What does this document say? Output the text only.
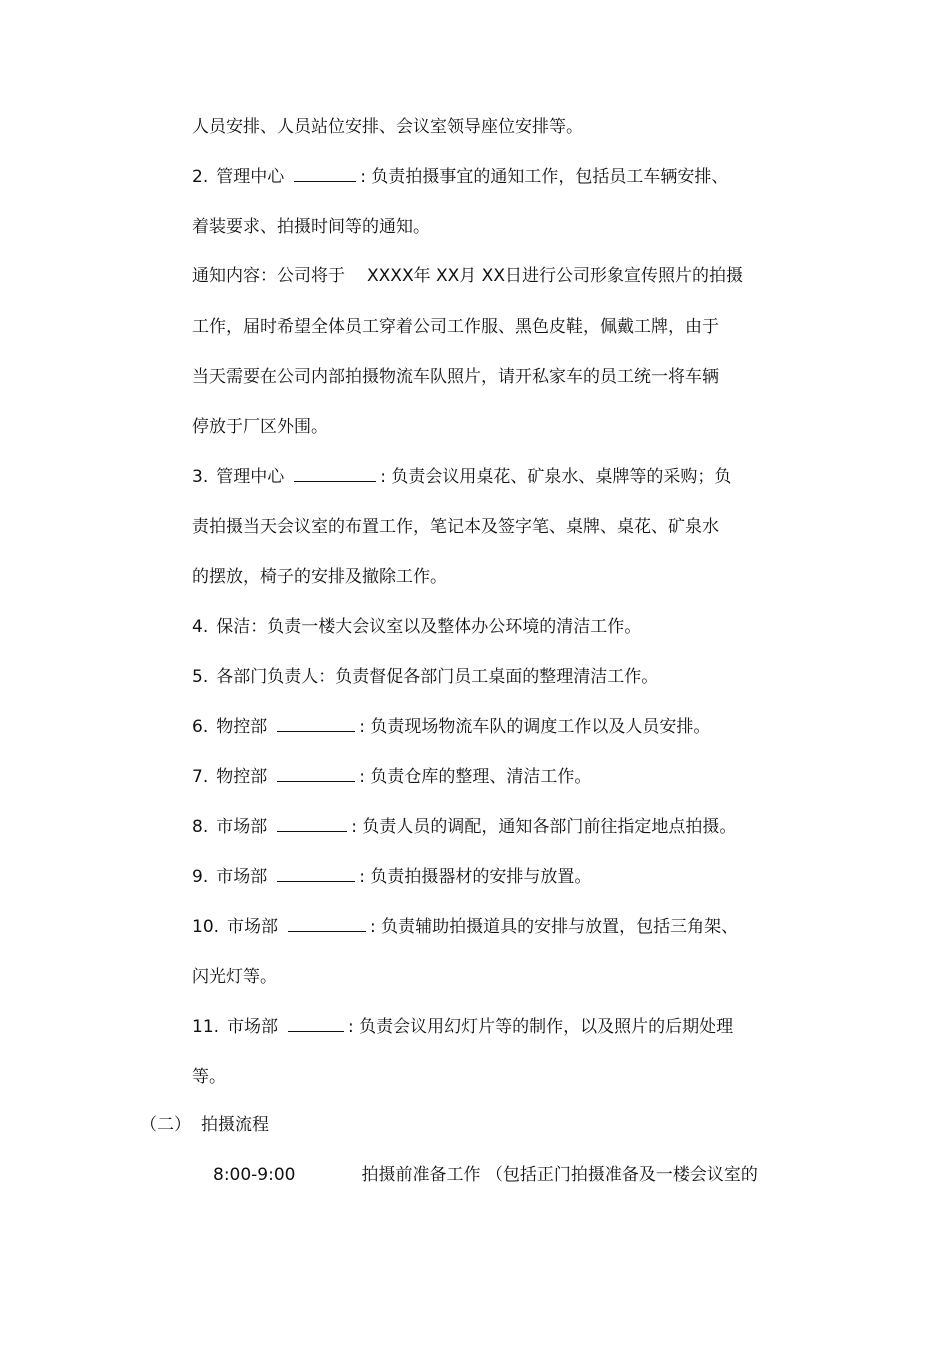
人员安排、人员站位安排、会议室领导座位安排等。
2. 管理中心	: 负责拍摄事宜的通知工作，包括员工车辆安排、
着装要求、拍摄时间等的通知。
通知内容：公司将于 XXXX年 XX月 XX日进行公司形象宣传照片的拍摄
工作，届时希望全体员工穿着公司工作服、黑色皮鞋，佩戴工牌，由于
当天需要在公司内部拍摄物流车队照片，请开私家车的员工统一将车辆
停放于厂区外围。
3. 管理中心	: 负责会议用桌花、矿泉水、桌牌等的采购；负
责拍摄当天会议室的布置工作，笔记本及签字笔、桌牌、桌花、矿泉水
的摆放，椅子的安排及撤除工作。
4. 保洁：负责一楼大会议室以及整体办公环境的清洁工作。
5. 各部门负责人：负责督促各部门员工桌面的整理清洁工作。
6. 物控部	: 负责现场物流车队的调度工作以及人员安排。
7. 物控部	: 负责仓库的整理、清洁工作。
8. 市场部	: 负责人员的调配，通知各部门前往指定地点拍摄。
9. 市场部	: 负责拍摄器材的安排与放置。
10. 市场部	: 负责辅助拍摄道具的安排与放置，包括三角架、
闪光灯等。
11. 市场部	: 负责会议用幻灯片等的制作，以及照片的后期处理
等。
（二） 拍摄流程
8:00-9:00	拍摄前准备工作 （包括正门拍摄准备及一楼会议室的
